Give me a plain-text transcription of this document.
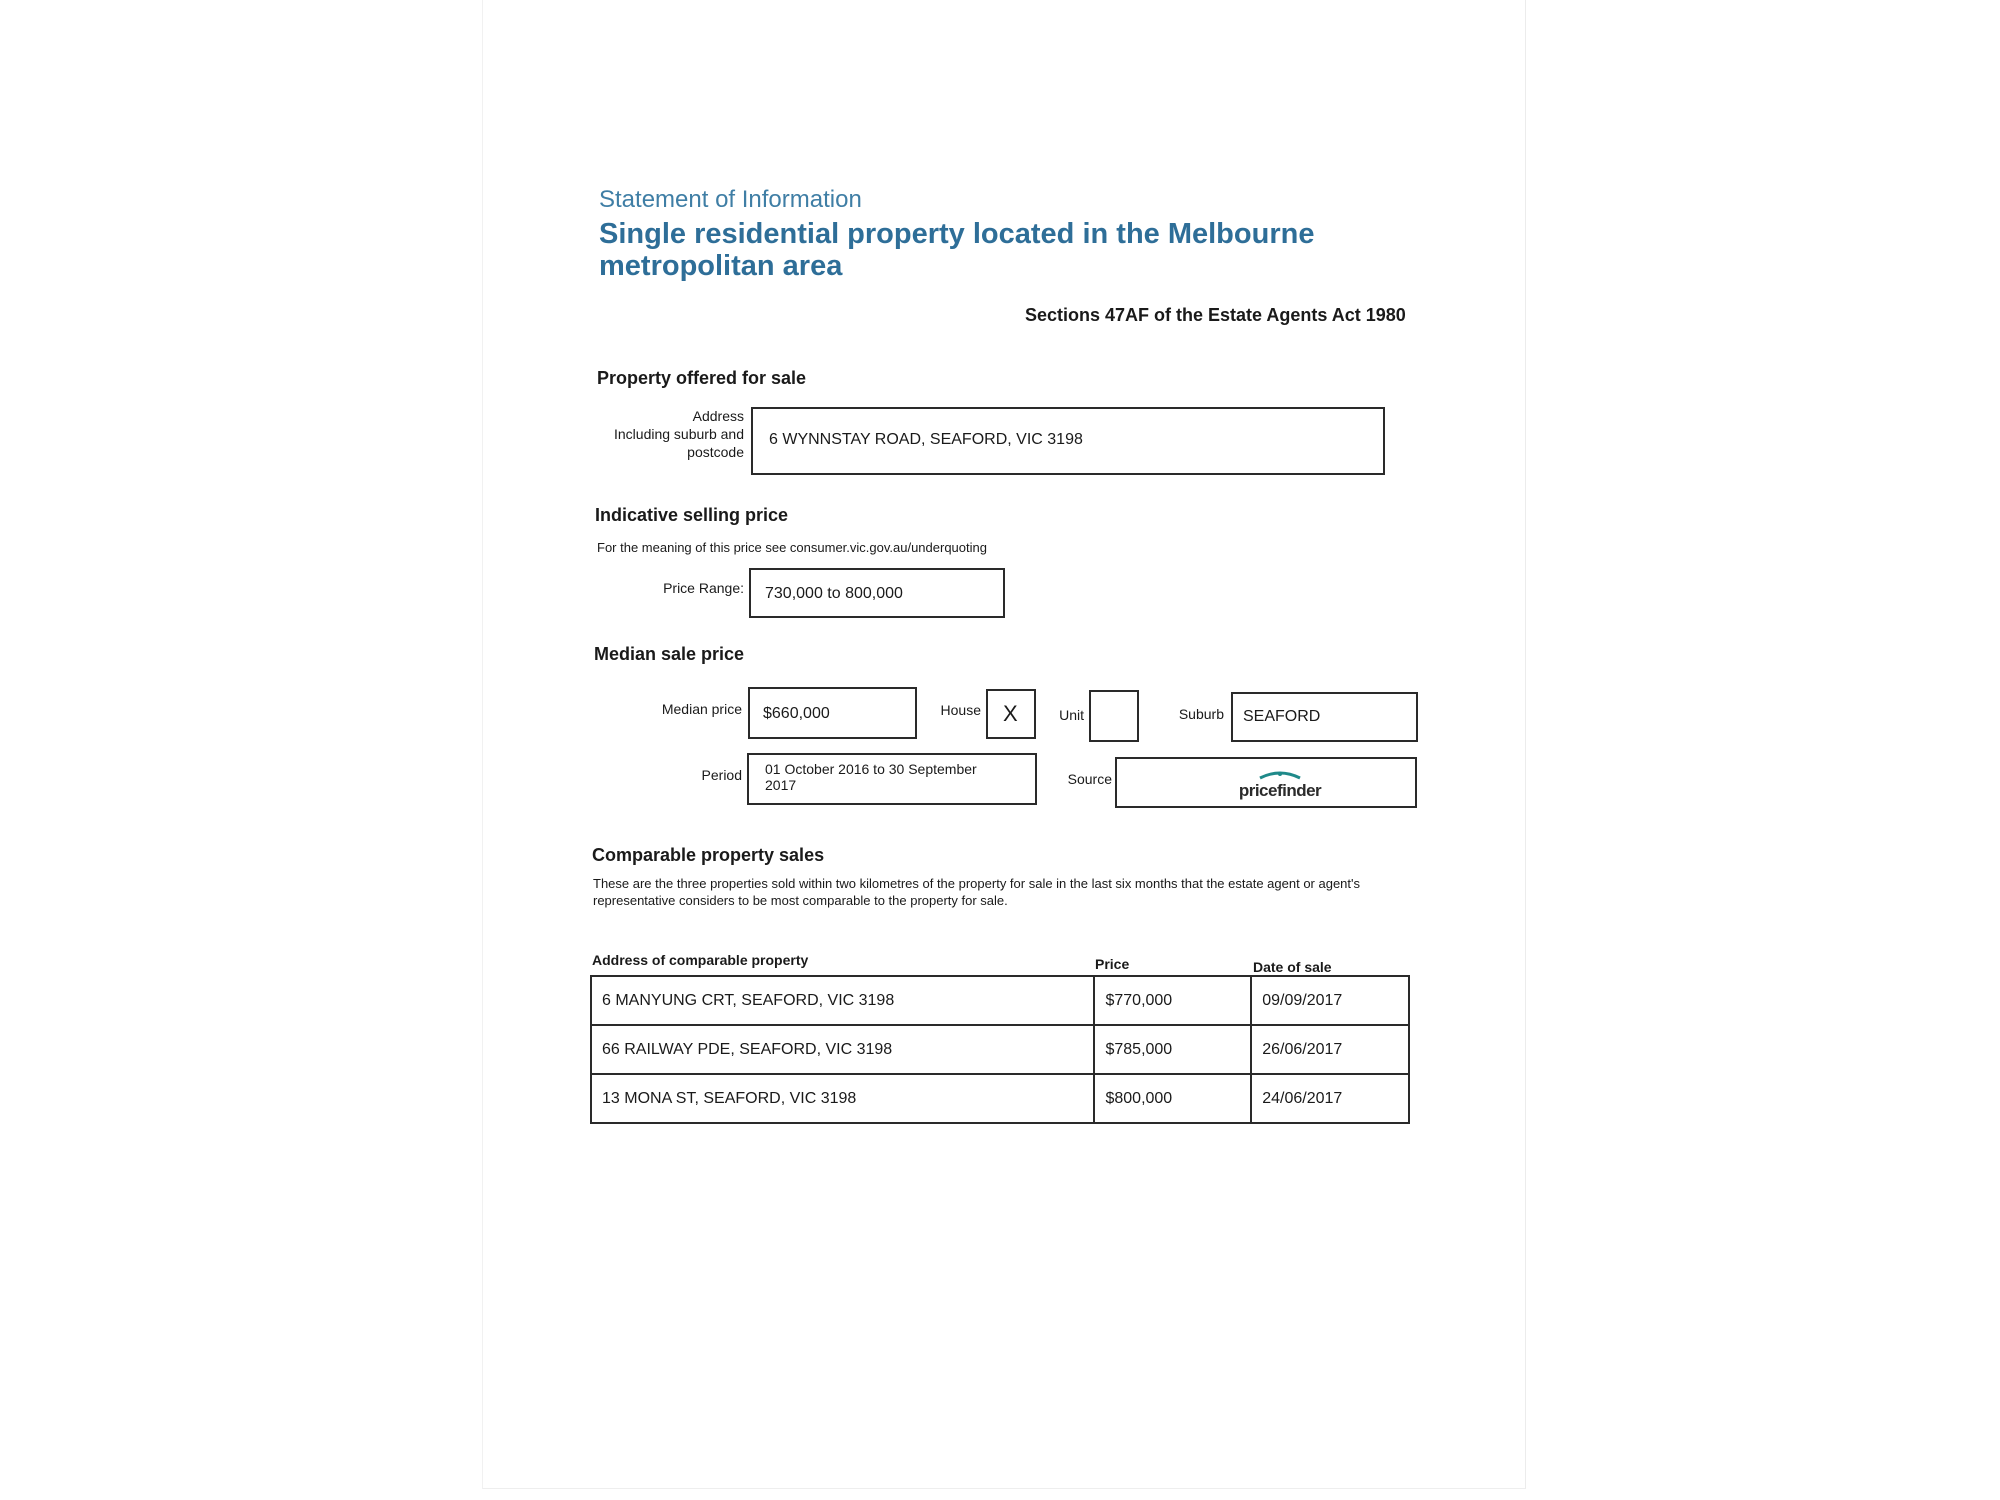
Statement of Information
Single residential property located in the Melbourne metropolitan area
Sections 47AF of the Estate Agents Act 1980
Property offered for sale
Address
Including suburb and
postcode
6 WYNNSTAY ROAD, SEAFORD, VIC 3198
Indicative selling price
For the meaning of this price see consumer.vic.gov.au/underquoting
Price Range: 730,000 to 800,000
Median sale price
Median price $660,000	House X	Unit	Suburb SEAFORD
Period 01 October 2016 to 30 September
2017	Source
pricefinder
Comparable property sales
These are the three properties sold within two kilometres of the property for sale in the last six months that the estate agent or agent's representative considers to be most comparable to the property for sale.
Address of comparable property	Price	Date of sale
6 MANYUNG CRT, SEAFORD, VIC 3198	$770,000	09/09/2017
66 RAILWAY PDE, SEAFORD, VIC 3198	$785,000	26/06/2017
13 MONA ST, SEAFORD, VIC 3198	$800,000	24/06/2017
